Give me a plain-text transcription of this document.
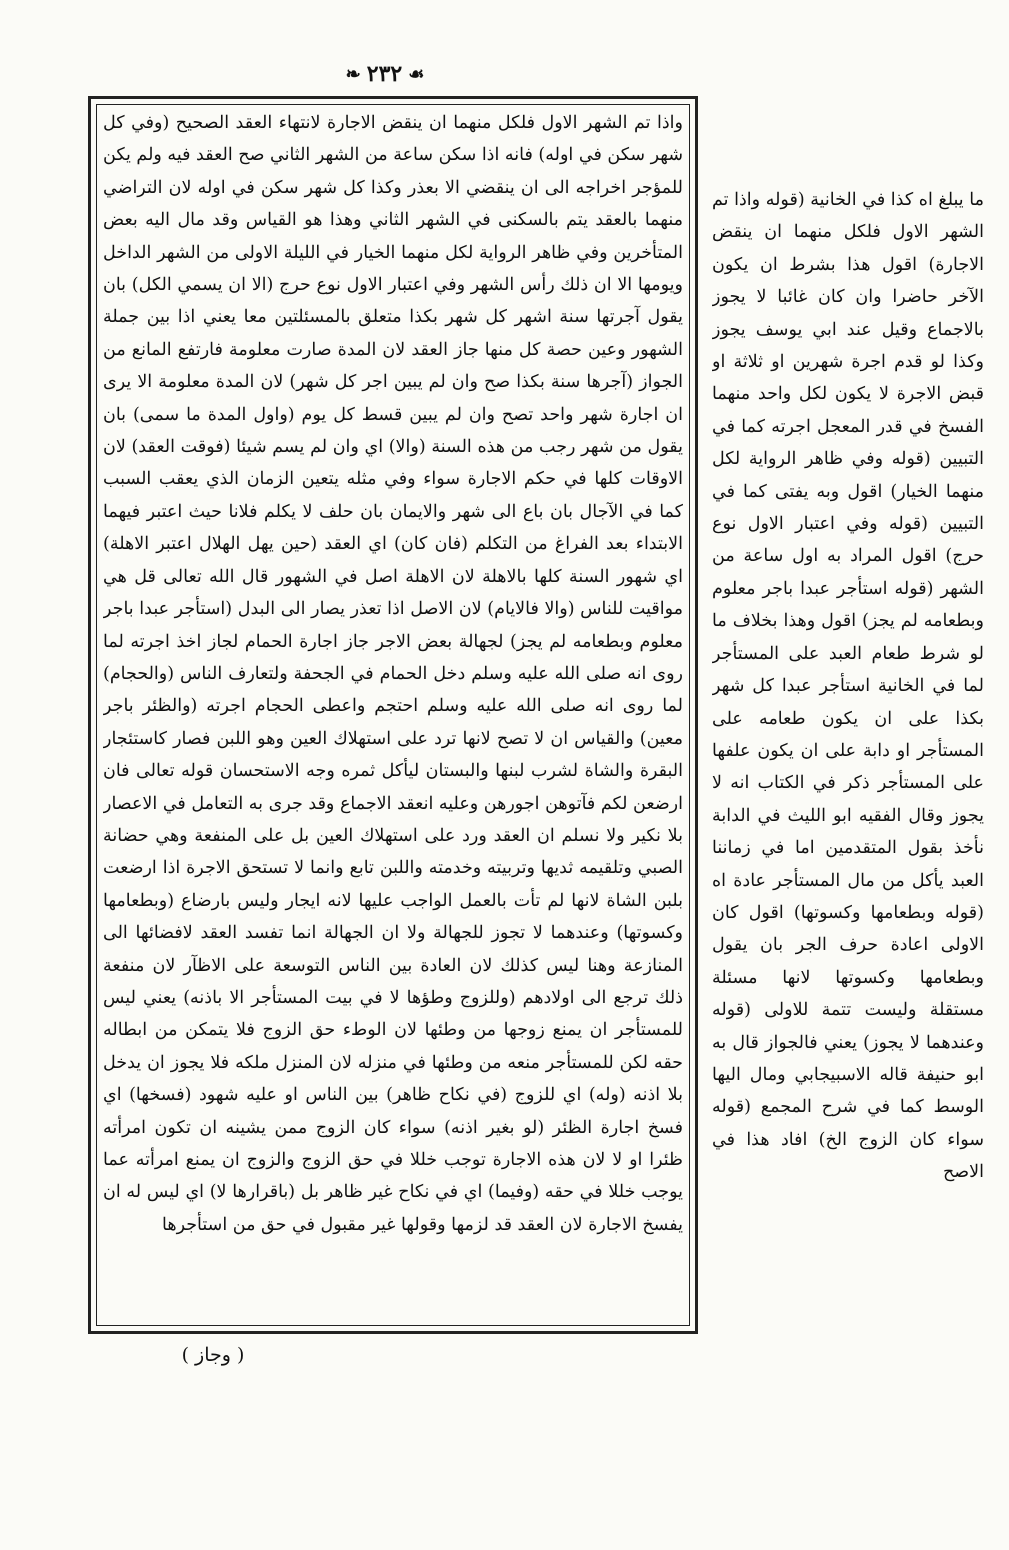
❧ ٢٣٢ ☙
واذا تم الشهر الاول فلكل منهما ان ينقض الاجارة لانتهاء العقد الصحيح (وفي كل شهر سكن في اوله) فانه اذا سكن ساعة من الشهر الثاني صح العقد فيه ولم يكن للمؤجر اخراجه الى ان ينقضي الا بعذر وكذا كل شهر سكن في اوله لان التراضي منهما بالعقد يتم بالسكنى في الشهر الثاني وهذا هو القياس وقد مال اليه بعض المتأخرين وفي ظاهر الرواية لكل منهما الخيار في الليلة الاولى من الشهر الداخل ويومها الا ان ذلك رأس الشهر وفي اعتبار الاول نوع حرج (الا ان يسمي الكل) بان يقول آجرتها سنة اشهر كل شهر بكذا متعلق بالمسئلتين معا يعني اذا بين جملة الشهور وعين حصة كل منها جاز العقد لان المدة صارت معلومة فارتفع المانع من الجواز (آجرها سنة بكذا صح وان لم يبين اجر كل شهر) لان المدة معلومة الا يرى ان اجارة شهر واحد تصح وان لم يبين قسط كل يوم (واول المدة ما سمى) بان يقول من شهر رجب من هذه السنة (والا) اي وان لم يسم شيئا (فوقت العقد) لان الاوقات كلها في حكم الاجارة سواء وفي مثله يتعين الزمان الذي يعقب السبب كما في الآجال بان باع الى شهر والايمان بان حلف لا يكلم فلانا حيث اعتبر فيهما الابتداء بعد الفراغ من التكلم (فان كان) اي العقد (حين يهل الهلال اعتبر الاهلة) اي شهور السنة كلها بالاهلة لان الاهلة اصل في الشهور قال الله تعالى قل هي مواقيت للناس (والا فالايام) لان الاصل اذا تعذر يصار الى البدل (استأجر عبدا باجر معلوم وبطعامه لم يجز) لجهالة بعض الاجر جاز اجارة الحمام لجاز اخذ اجرته لما روى انه صلى الله عليه وسلم دخل الحمام في الجحفة ولتعارف الناس (والحجام) لما روى انه صلى الله عليه وسلم احتجم واعطى الحجام اجرته (والظئر باجر معين) والقياس ان لا تصح لانها ترد على استهلاك العين وهو اللبن فصار كاستئجار البقرة والشاة لشرب لبنها والبستان ليأكل ثمره وجه الاستحسان قوله تعالى فان ارضعن لكم فآتوهن اجورهن وعليه انعقد الاجماع وقد جرى به التعامل في الاعصار بلا نكير ولا نسلم ان العقد ورد على استهلاك العين بل على المنفعة وهي حضانة الصبي وتلقيمه ثديها وتربيته وخدمته واللبن تابع وانما لا تستحق الاجرة اذا ارضعت بلبن الشاة لانها لم تأت بالعمل الواجب عليها لانه ايجار وليس بارضاع (وبطعامها وكسوتها) وعندهما لا تجوز للجهالة ولا ان الجهالة انما تفسد العقد لافضائها الى المنازعة وهنا ليس كذلك لان العادة بين الناس التوسعة على الاظآر لان منفعة ذلك ترجع الى اولادهم (وللزوج وطؤها لا في بيت المستأجر الا باذنه) يعني ليس للمستأجر ان يمنع زوجها من وطئها لان الوطء حق الزوج فلا يتمكن من ابطاله حقه لكن للمستأجر منعه من وطئها في منزله لان المنزل ملكه فلا يجوز ان يدخل بلا اذنه (وله) اي للزوج (في نكاح ظاهر) بين الناس او عليه شهود (فسخها) اي فسخ اجارة الظئر (لو بغير اذنه) سواء كان الزوج ممن يشينه ان تكون امرأته ظئرا او لا لان هذه الاجارة توجب خللا في حق الزوج والزوج ان يمنع امرأته عما يوجب خللا في حقه (وفيما) اي في نكاح غير ظاهر بل (باقرارها لا) اي ليس له ان يفسخ الاجارة لان العقد قد لزمها وقولها غير مقبول في حق من استأجرها
ما يبلغ اه كذا في الخانية (قوله واذا تم الشهر الاول فلكل منهما ان ينقض الاجارة) اقول هذا بشرط ان يكون الآخر حاضرا وان كان غائبا لا يجوز بالاجماع وقيل عند ابي يوسف يجوز وكذا لو قدم اجرة شهرين او ثلاثة او قبض الاجرة لا يكون لكل واحد منهما الفسخ في قدر المعجل اجرته كما في التبيين (قوله وفي ظاهر الرواية لكل منهما الخيار) اقول وبه يفتى كما في التبيين (قوله وفي اعتبار الاول نوع حرج) اقول المراد به اول ساعة من الشهر (قوله استأجر عبدا باجر معلوم وبطعامه لم يجز) اقول وهذا بخلاف ما لو شرط طعام العبد على المستأجر لما في الخانية استأجر عبدا كل شهر بكذا على ان يكون طعامه على المستأجر او دابة على ان يكون علفها على المستأجر ذكر في الكتاب انه لا يجوز وقال الفقيه ابو الليث في الدابة نأخذ بقول المتقدمين اما في زماننا العبد يأكل من مال المستأجر عادة اه (قوله وبطعامها وكسوتها) اقول كان الاولى اعادة حرف الجر بان يقول وبطعامها وكسوتها لانها مسئلة مستقلة وليست تتمة للاولى (قوله وعندهما لا يجوز) يعني فالجواز قال به ابو حنيفة قاله الاسبيجابي ومال اليها الوسط كما في شرح المجمع (قوله سواء كان الزوج الخ) افاد هذا في الاصح
( وجاز )
